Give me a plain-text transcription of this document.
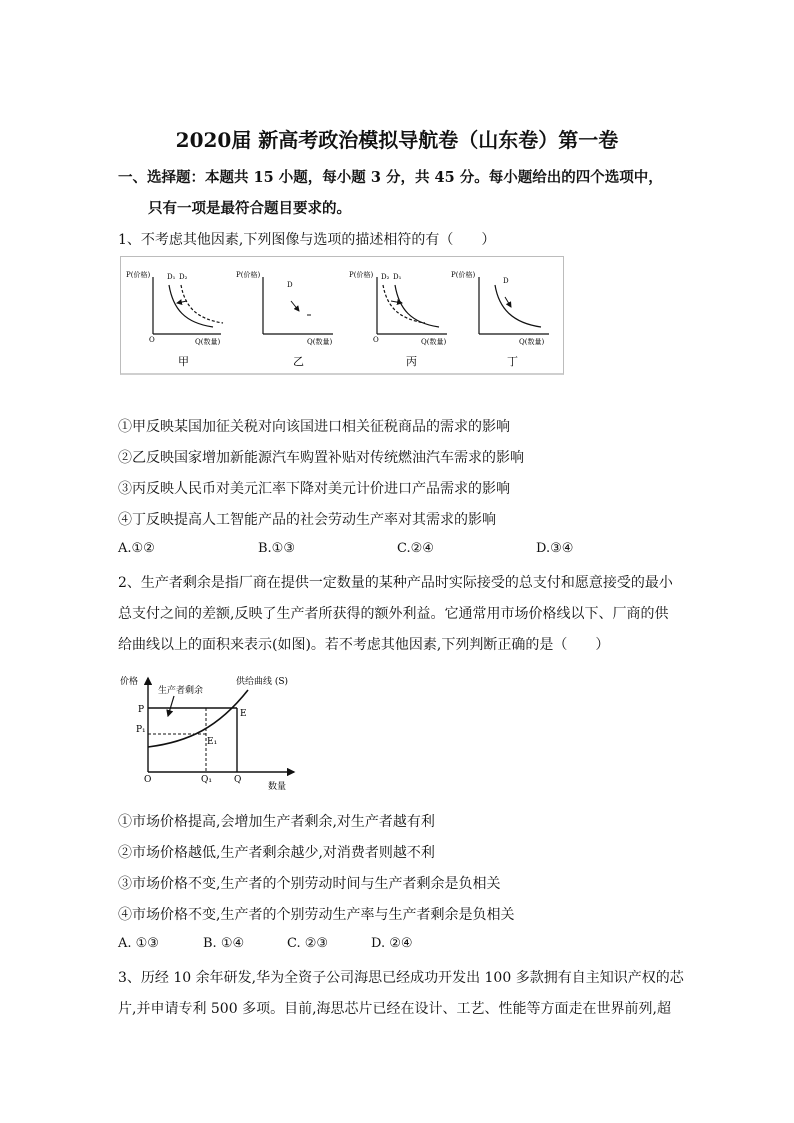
2020届 新高考政治模拟导航卷（山东卷）第一卷
一、选择题：本题共 15 小题，每小题 3 分，共 45 分。每小题给出的四个选项中，
只有一项是最符合题目要求的。
1、不考虑其他因素,下列图像与选项的描述相符的有（　　）
P(价格)
Q(数量)
O
D₁ D₂
甲
P(价格)
Q(数量)
D
乙
P(价格)
Q(数量)
O
D₂ D₁
丙
P(价格)
Q(数量)
D
丁
①甲反映某国加征关税对向该国进口相关征税商品的需求的影响
②乙反映国家增加新能源汽车购置补贴对传统燃油汽车需求的影响
③丙反映人民币对美元汇率下降对美元计价进口产品需求的影响
④丁反映提高人工智能产品的社会劳动生产率对其需求的影响
A.①②	B.①③	C.②④	D.③④
2、生产者剩余是指厂商在提供一定数量的某种产品时实际接受的总支付和愿意接受的最小
总支付之间的差额,反映了生产者所获得的额外利益。它通常用市场价格线以下、厂商的供
给曲线以上的面积来表示(如图)。若不考虑其他因素,下列判断正确的是（　　）
价格
数量
O
P
P₁
E
E₁
Q₁ Q
生产者剩余
供给曲线 (S)
①市场价格提高,会增加生产者剩余,对生产者越有利
②市场价格越低,生产者剩余越少,对消费者则越不利
③市场价格不变,生产者的个别劳动时间与生产者剩余是负相关
④市场价格不变,生产者的个别劳动生产率与生产者剩余是负相关
A. ①③	B. ①④	C. ②③	D. ②④
3、历经 10 余年研发,华为全资子公司海思已经成功开发出 100 多款拥有自主知识产权的芯
片,并申请专利 500 多项。目前,海思芯片已经在设计、工艺、性能等方面走在世界前列,超
